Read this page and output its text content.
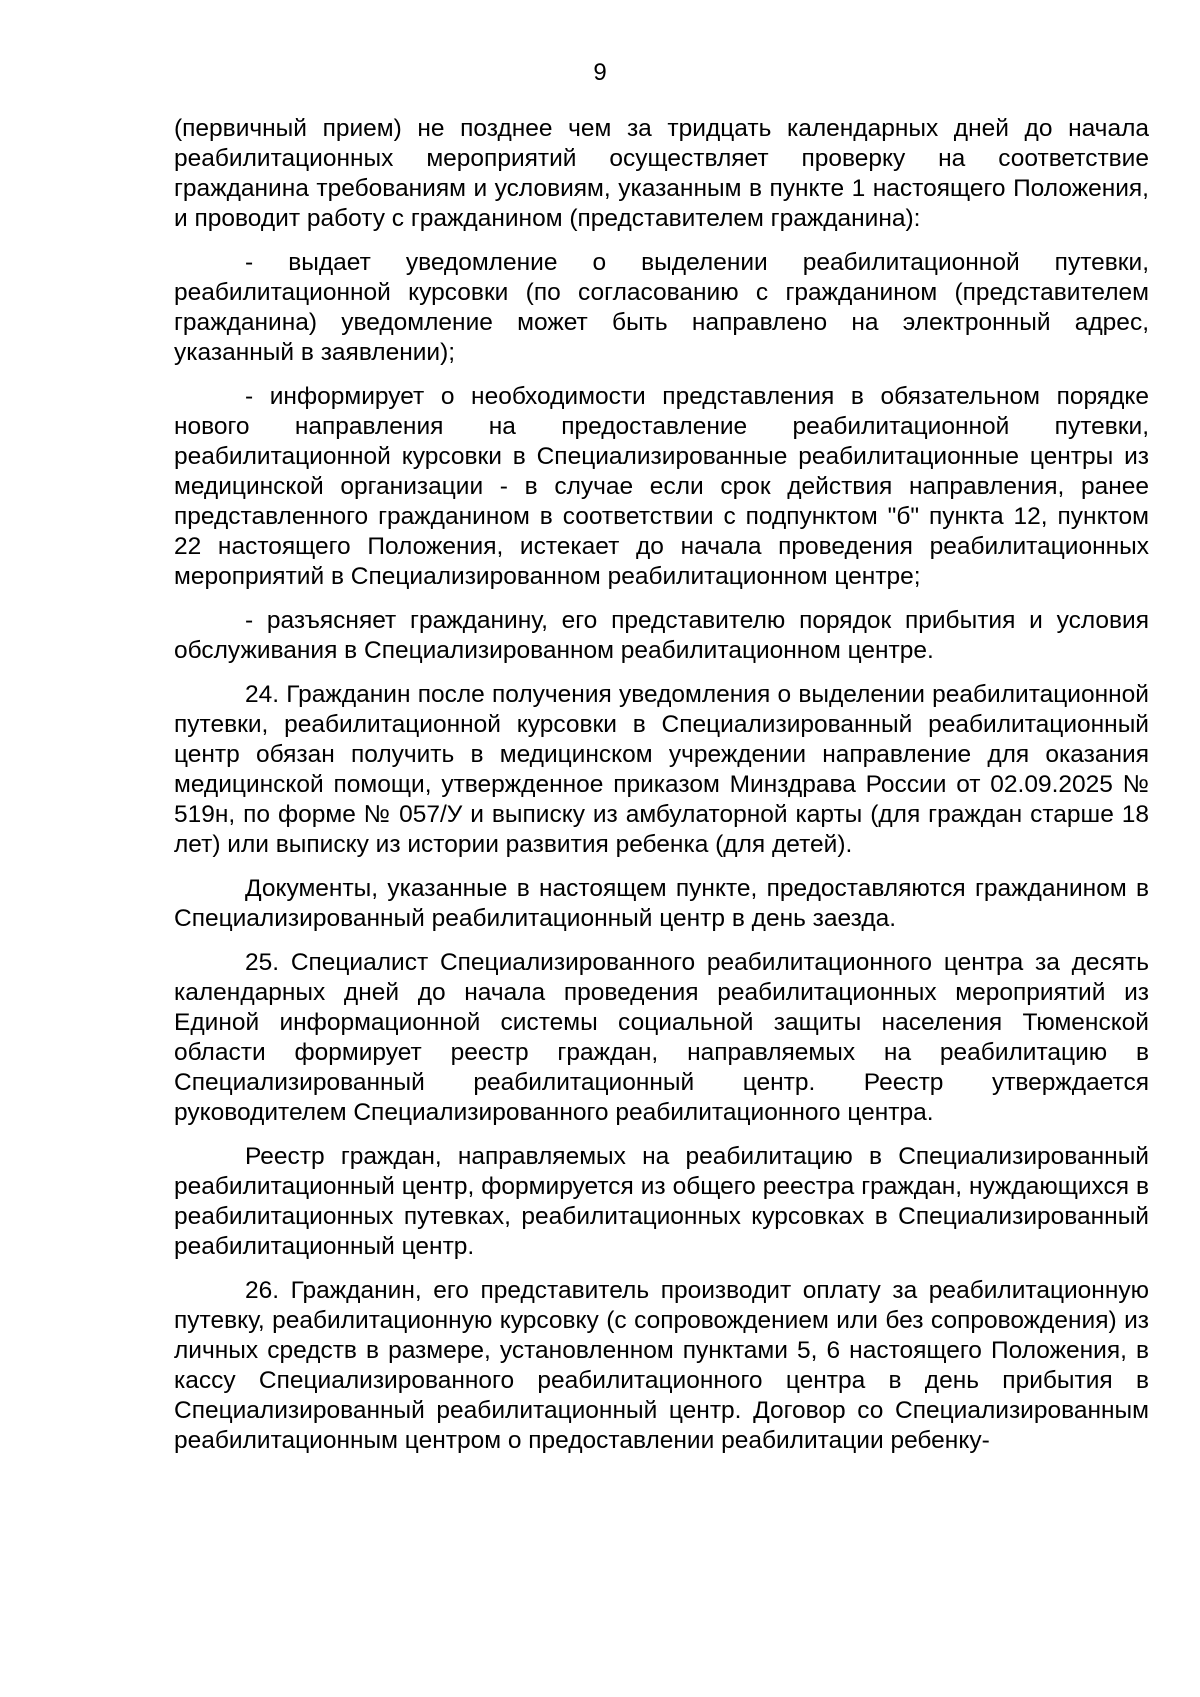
9

(первичный прием) не позднее чем за тридцать календарных дней до начала реабилитационных мероприятий осуществляет проверку на соответствие гражданина требованиям и условиям, указанным в пункте 1 настоящего Положения, и проводит работу с гражданином (представителем гражданина):

- выдает уведомление о выделении реабилитационной путевки, реабилитационной курсовки (по согласованию с гражданином (представителем гражданина) уведомление может быть направлено на электронный адрес, указанный в заявлении);

- информирует о необходимости представления в обязательном порядке нового направления на предоставление реабилитационной путевки, реабилитационной курсовки в Специализированные реабилитационные центры из медицинской организации - в случае если срок действия направления, ранее представленного гражданином в соответствии с подпунктом "б" пункта 12, пунктом 22 настоящего Положения, истекает до начала проведения реабилитационных мероприятий в Специализированном реабилитационном центре;

- разъясняет гражданину, его представителю порядок прибытия и условия обслуживания в Специализированном реабилитационном центре.

24. Гражданин после получения уведомления о выделении реабилитационной путевки, реабилитационной курсовки в Специализированный реабилитационный центр обязан получить в медицинском учреждении направление для оказания медицинской помощи, утвержденное приказом Минздрава России от 02.09.2025 № 519н, по форме № 057/У и выписку из амбулаторной карты (для граждан старше 18 лет) или выписку из истории развития ребенка (для детей).

Документы, указанные в настоящем пункте, предоставляются гражданином в Специализированный реабилитационный центр в день заезда.

25. Специалист Специализированного реабилитационного центра за десять календарных дней до начала проведения реабилитационных мероприятий из Единой информационной системы социальной защиты населения Тюменской области формирует реестр граждан, направляемых на реабилитацию в Специализированный реабилитационный центр. Реестр утверждается руководителем Специализированного реабилитационного центра.

Реестр граждан, направляемых на реабилитацию в Специализированный реабилитационный центр, формируется из общего реестра граждан, нуждающихся в реабилитационных путевках, реабилитационных курсовках в Специализированный реабилитационный центр.

26. Гражданин, его представитель производит оплату за реабилитационную путевку, реабилитационную курсовку (с сопровождением или без сопровождения) из личных средств в размере, установленном пунктами 5, 6 настоящего Положения, в кассу Специализированного реабилитационного центра в день прибытия в Специализированный реабилитационный центр. Договор со Специализированным реабилитационным центром о предоставлении реабилитации ребенку-
